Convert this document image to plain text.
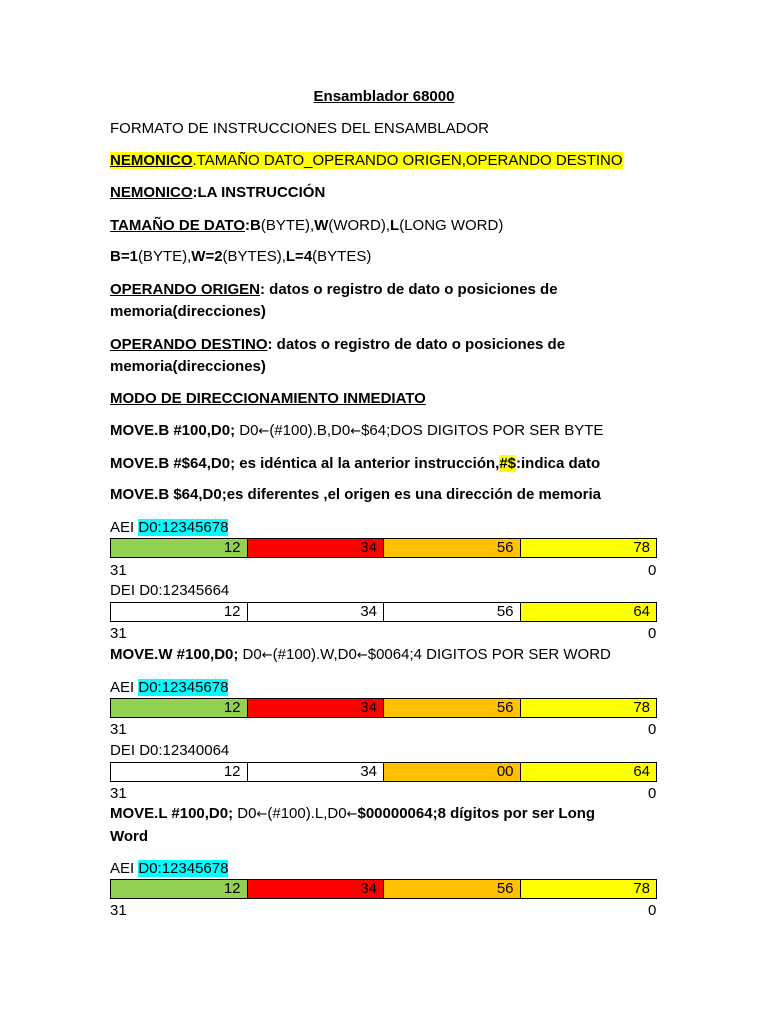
Ensamblador 68000
FORMATO DE INSTRUCCIONES DEL ENSAMBLADOR
NEMONICO.TAMAÑO DATO_OPERANDO ORIGEN,OPERANDO DESTINO
NEMONICO:LA INSTRUCCIÓN
TAMAÑO DE DATO:B(BYTE),W(WORD),L(LONG WORD)
B=1(BYTE),W=2(BYTES),L=4(BYTES)
OPERANDO ORIGEN: datos o registro de dato o posiciones de
memoria(direcciones)
OPERANDO DESTINO: datos o registro de dato o posiciones de
memoria(direcciones)
MODO DE DIRECCIONAMIENTO INMEDIATO
MOVE.B #100,D0; D0←(#100).B,D0←$64;DOS DIGITOS POR SER BYTE
MOVE.B #$64,D0; es idéntica al la anterior instrucción,#$:indica dato
MOVE.B $64,D0;es diferentes ,el origen es una dirección de memoria
AEI D0:12345678
12	34	56	78
31	0
DEI D0:12345664
12	34	56	64
31	0
MOVE.W #100,D0; D0←(#100).W,D0←$0064;4 DIGITOS POR SER WORD
AEI D0:12345678
12	34	56	78
31	0
DEI D0:12340064
12	34	00	64
31	0
MOVE.L #100,D0; D0←(#100).L,D0←$00000064;8 dígitos por ser Long
Word
AEI D0:12345678
12	34	56	78
31	0
